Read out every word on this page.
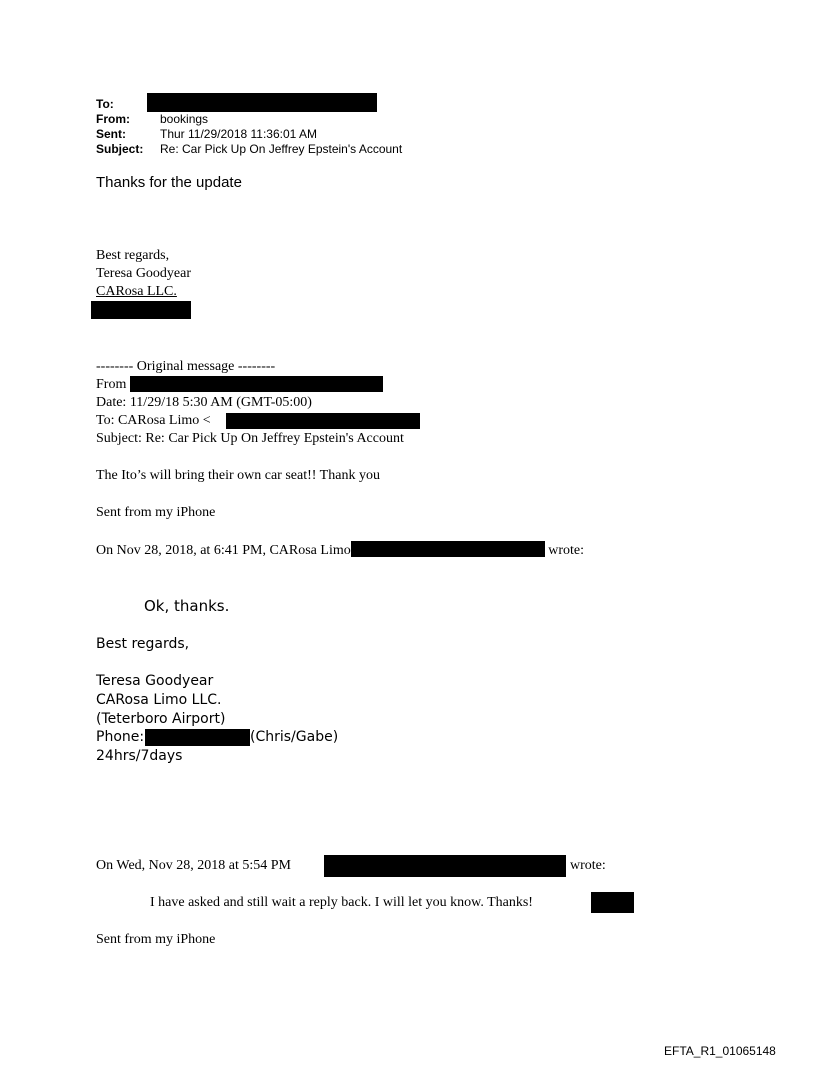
To:
From:	bookings
Sent:	Thur 11/29/2018 11:36:01 AM
Subject: Re: Car Pick Up On Jeffrey Epstein's Account
Thanks for the update
Best regards,
Teresa Goodyear
CARosa LLC.
-------- Original message --------
From
Date: 11/29/18 5:30 AM (GMT-05:00)
To: CARosa Limo <
Subject: Re: Car Pick Up On Jeffrey Epstein's Account
The Ito’s will bring their own car seat!! Thank you
Sent from my iPhone
On Nov 28, 2018, at 6:41 PM, CARosa Limo	wrote:
Ok, thanks.
Best regards,
Teresa Goodyear
CARosa Limo LLC.
(Teterboro Airport)
Phone:	(Chris/Gabe)
24hrs/7days
On Wed, Nov 28, 2018 at 5:54 PM	wrote:
I have asked and still wait a reply back. I will let you know. Thanks!
Sent from my iPhone
EFTA_R1_01065148
